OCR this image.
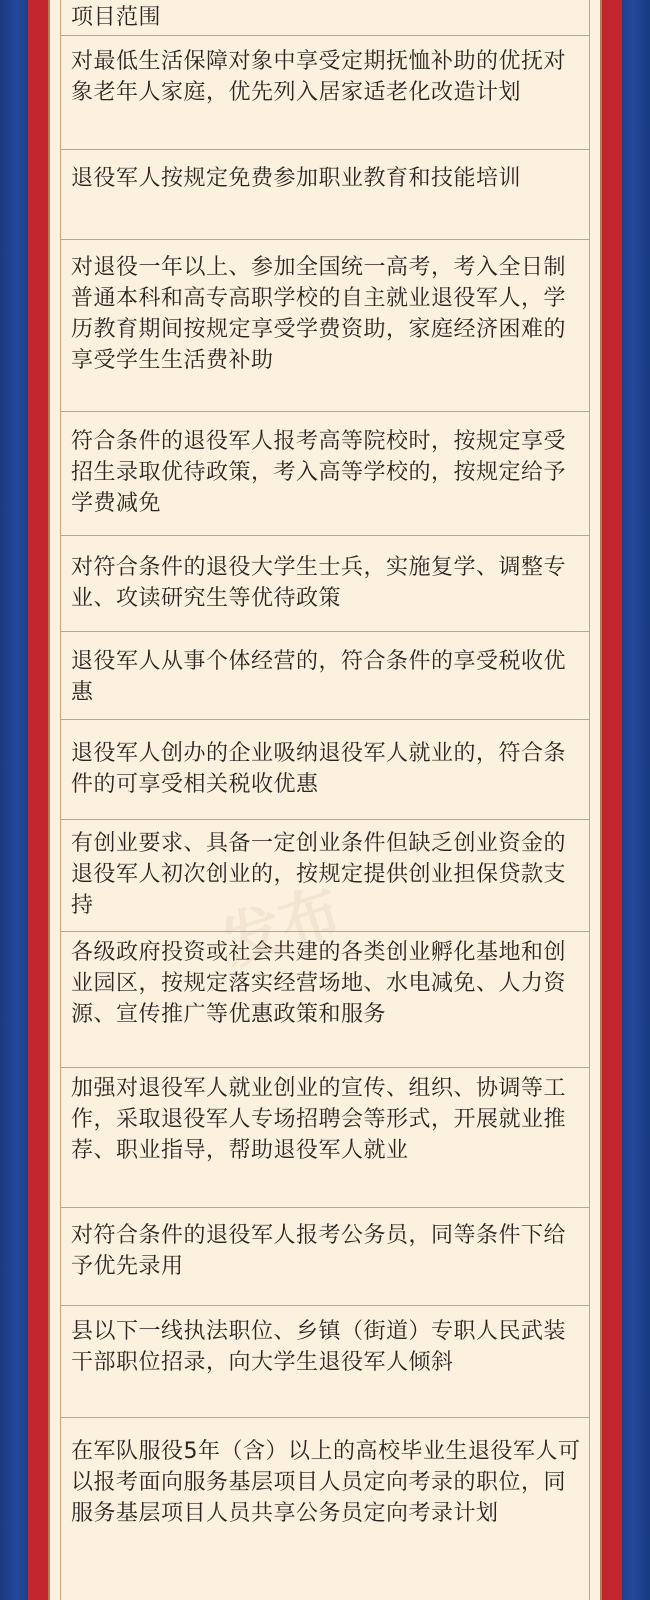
项目范围

对最低生活保障对象中享受定期抚恤补助的优抚对象老年人家庭，优先列入居家适老化改造计划

退役军人按规定免费参加职业教育和技能培训

对退役一年以上、参加全国统一高考，考入全日制普通本科和高专高职学校的自主就业退役军人，学历教育期间按规定享受学费资助，家庭经济困难的享受学生生活费补助

符合条件的退役军人报考高等院校时，按规定享受招生录取优待政策，考入高等学校的，按规定给予学费减免

对符合条件的退役大学生士兵，实施复学、调整专业、攻读研究生等优待政策

退役军人从事个体经营的，符合条件的享受税收优惠

退役军人创办的企业吸纳退役军人就业的，符合条件的可享受相关税收优惠

有创业要求、具备一定创业条件但缺乏创业资金的退役军人初次创业的，按规定提供创业担保贷款支持

各级政府投资或社会共建的各类创业孵化基地和创业园区，按规定落实经营场地、水电减免、人力资源、宣传推广等优惠政策和服务

加强对退役军人就业创业的宣传、组织、协调等工作，采取退役军人专场招聘会等形式，开展就业推荐、职业指导，帮助退役军人就业

对符合条件的退役军人报考公务员，同等条件下给予优先录用

县以下一线执法职位、乡镇（街道）专职人民武装干部职位招录，向大学生退役军人倾斜

在军队服役5年（含）以上的高校毕业生退役军人可以报考面向服务基层项目人员定向考录的职位，同服务基层项目人员共享公务员定向考录计划

发布
